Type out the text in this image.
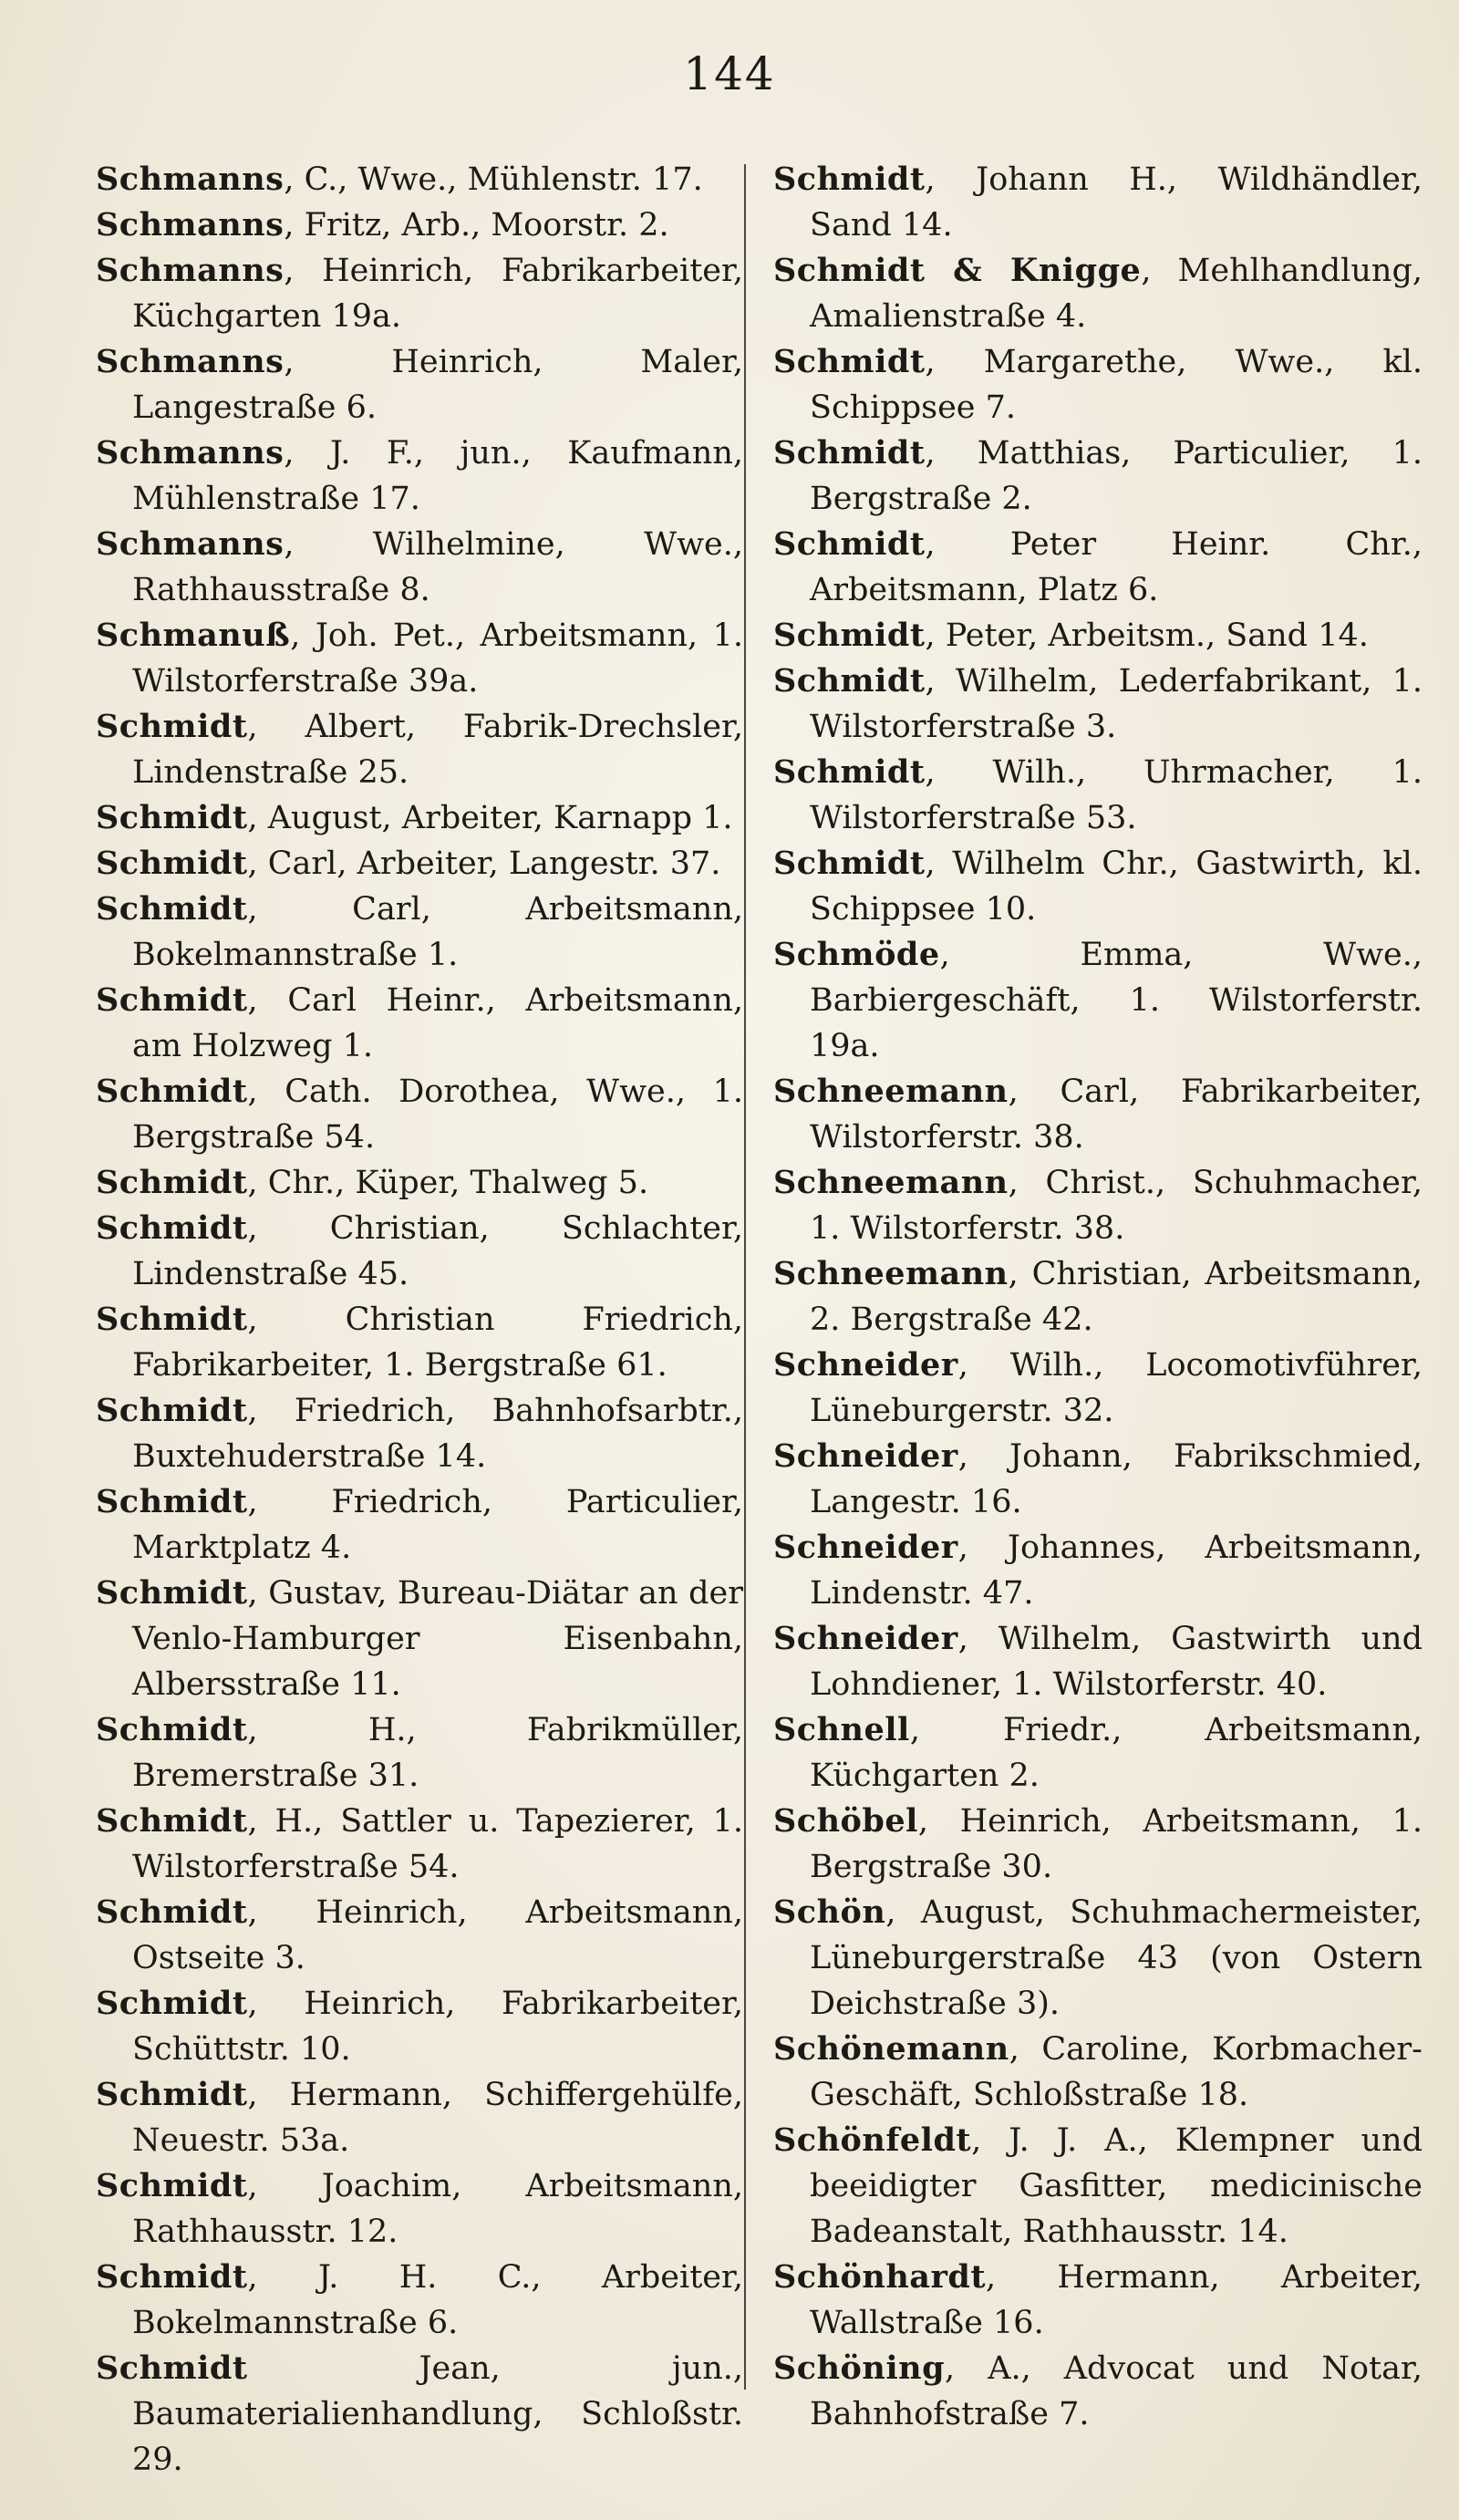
144
Schmanns, C., Wwe., Mühlenstr. 17.
Schmanns, Fritz, Arb., Moorstr. 2.
Schmanns, Heinrich, Fabrikarbeiter, Küchgarten 19a.
Schmanns, Heinrich, Maler, Langestraße 6.
Schmanns, J. F., jun., Kaufmann, Mühlenstraße 17.
Schmanns, Wilhelmine, Wwe., Rathhausstraße 8.
Schmanuß, Joh. Pet., Arbeitsmann, 1. Wilstorferstraße 39a.
Schmidt, Albert, Fabrik-Drechsler, Lindenstraße 25.
Schmidt, August, Arbeiter, Karnapp 1.
Schmidt, Carl, Arbeiter, Langestr. 37.
Schmidt, Carl, Arbeitsmann, Bokelmannstraße 1.
Schmidt, Carl Heinr., Arbeitsmann, am Holzweg 1.
Schmidt, Cath. Dorothea, Wwe., 1. Bergstraße 54.
Schmidt, Chr., Küper, Thalweg 5.
Schmidt, Christian, Schlachter, Lindenstraße 45.
Schmidt, Christian Friedrich, Fabrikarbeiter, 1. Bergstraße 61.
Schmidt, Friedrich, Bahnhofsarbtr., Buxtehuderstraße 14.
Schmidt, Friedrich, Particulier, Marktplatz 4.
Schmidt, Gustav, Bureau-Diätar an der Venlo-Hamburger Eisenbahn, Albersstraße 11.
Schmidt, H., Fabrikmüller, Bremerstraße 31.
Schmidt, H., Sattler u. Tapezierer, 1. Wilstorferstraße 54.
Schmidt, Heinrich, Arbeitsmann, Ostseite 3.
Schmidt, Heinrich, Fabrikarbeiter, Schüttstr. 10.
Schmidt, Hermann, Schiffergehülfe, Neuestr. 53a.
Schmidt, Joachim, Arbeitsmann, Rathhausstr. 12.
Schmidt, J. H. C., Arbeiter, Bokelmannstraße 6.
Schmidt Jean, jun., Baumaterialienhandlung, Schloßstr. 29.
Schmidt, Johann H., Wildhändler, Sand 14.
Schmidt & Knigge, Mehlhandlung, Amalienstraße 4.
Schmidt, Margarethe, Wwe., kl. Schippsee 7.
Schmidt, Matthias, Particulier, 1. Bergstraße 2.
Schmidt, Peter Heinr. Chr., Arbeitsmann, Platz 6.
Schmidt, Peter, Arbeitsm., Sand 14.
Schmidt, Wilhelm, Lederfabrikant, 1. Wilstorferstraße 3.
Schmidt, Wilh., Uhrmacher, 1. Wilstorferstraße 53.
Schmidt, Wilhelm Chr., Gastwirth, kl. Schippsee 10.
Schmöde, Emma, Wwe., Barbiergeschäft, 1. Wilstorferstr. 19a.
Schneemann, Carl, Fabrikarbeiter, Wilstorferstr. 38.
Schneemann, Christ., Schuhmacher, 1. Wilstorferstr. 38.
Schneemann, Christian, Arbeitsmann, 2. Bergstraße 42.
Schneider, Wilh., Locomotivführer, Lüneburgerstr. 32.
Schneider, Johann, Fabrikschmied, Langestr. 16.
Schneider, Johannes, Arbeitsmann, Lindenstr. 47.
Schneider, Wilhelm, Gastwirth und Lohndiener, 1. Wilstorferstr. 40.
Schnell, Friedr., Arbeitsmann, Küchgarten 2.
Schöbel, Heinrich, Arbeitsmann, 1. Bergstraße 30.
Schön, August, Schuhmachermeister, Lüneburgerstraße 43 (von Ostern Deichstraße 3).
Schönemann, Caroline, Korbmacher-Geschäft, Schloßstraße 18.
Schönfeldt, J. J. A., Klempner und beeidigter Gasfitter, medicinische Badeanstalt, Rathhausstr. 14.
Schönhardt, Hermann, Arbeiter, Wallstraße 16.
Schöning, A., Advocat und Notar, Bahnhofstraße 7.
